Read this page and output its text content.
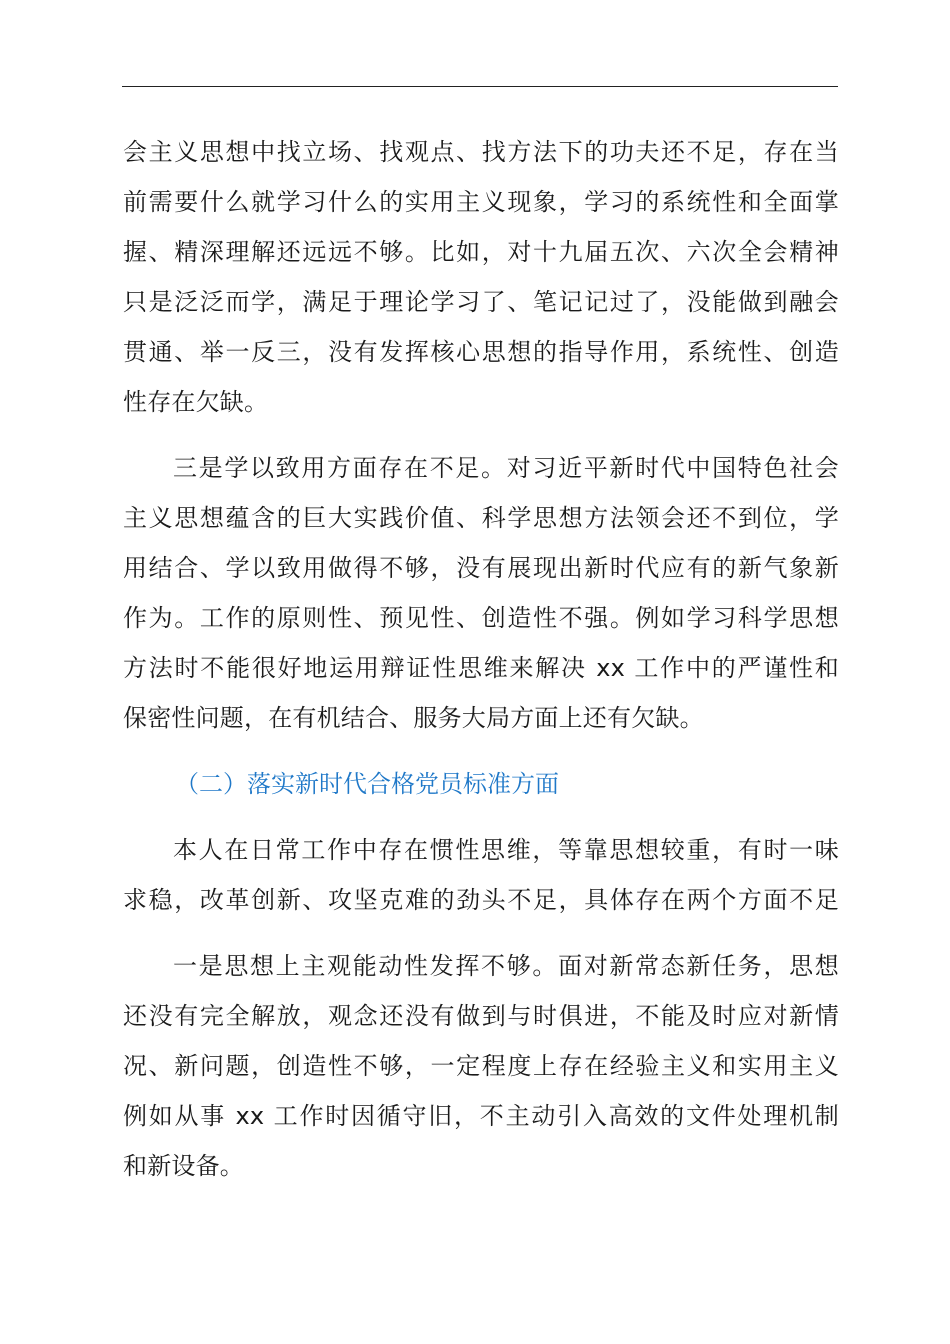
会主义思想中找立场、找观点、找方法下的功夫还不足，存在当
前需要什么就学习什么的实用主义现象，学习的系统性和全面掌
握、精深理解还远远不够。比如，对十九届五次、六次全会精神
只是泛泛而学，满足于理论学习了、笔记记过了，没能做到融会
贯通、举一反三，没有发挥核心思想的指导作用，系统性、创造
性存在欠缺。

三是学以致用方面存在不足。对习近平新时代中国特色社会
主义思想蕴含的巨大实践价值、科学思想方法领会还不到位，学
用结合、学以致用做得不够，没有展现出新时代应有的新气象新
作为。工作的原则性、预见性、创造性不强。例如学习科学思想
方法时不能很好地运用辩证性思维来解决 xx 工作中的严谨性和
保密性问题，在有机结合、服务大局方面上还有欠缺。

（二）落实新时代合格党员标准方面

本人在日常工作中存在惯性思维，等靠思想较重，有时一味
求稳，改革创新、攻坚克难的劲头不足，具体存在两个方面不足

一是思想上主观能动性发挥不够。面对新常态新任务，思想
还没有完全解放，观念还没有做到与时俱进，不能及时应对新情
况、新问题，创造性不够，一定程度上存在经验主义和实用主义
例如从事 xx 工作时因循守旧，不主动引入高效的文件处理机制
和新设备。
